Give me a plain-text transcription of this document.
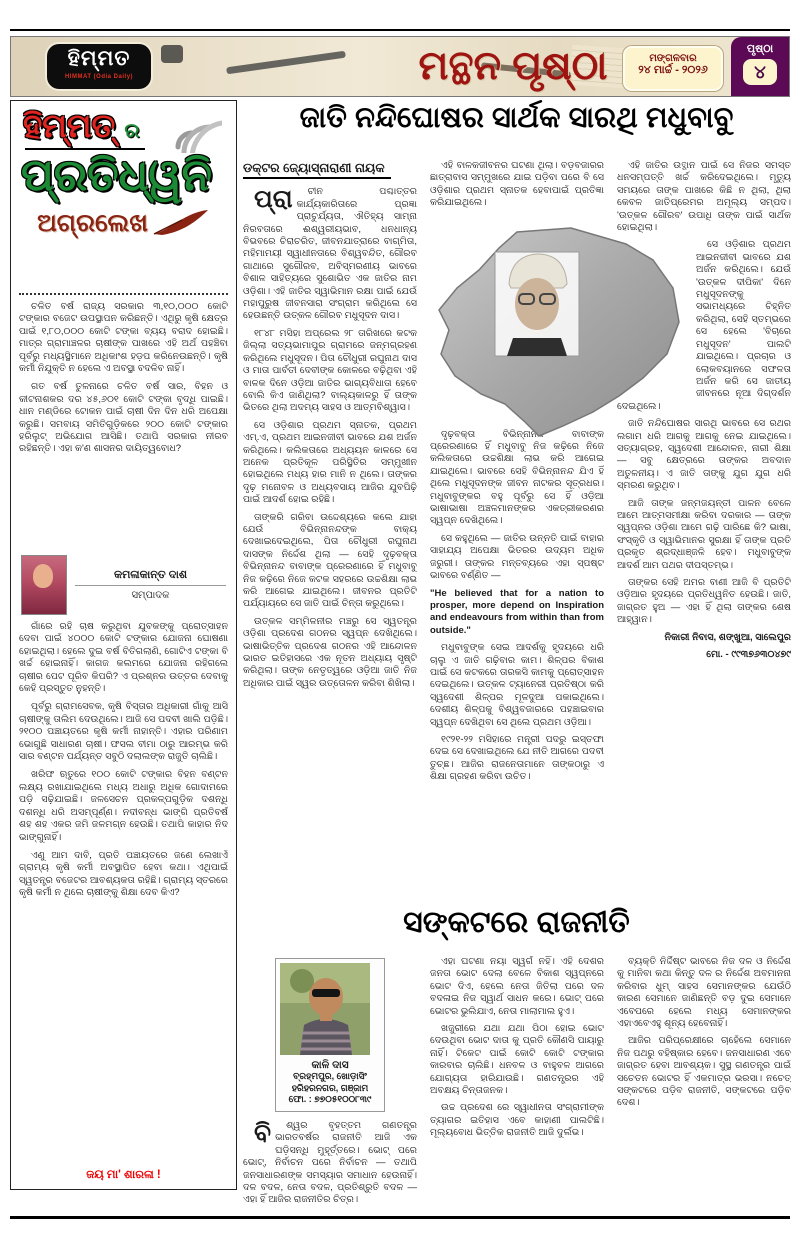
ହିମ୍ମତ
HIMMAT (Odia Daily)	ମନ୍ଥନ ପୃଷ୍ଠା	ମଙ୍ଗଳବାର
୨୪ ମାର୍ଚ୍ଚ - ୨୦୨୬
ପୃଷ୍ଠା
୪
ହିମ୍ମତ୍ ର
ପ୍ରତିଧ୍ୱନି
ଅଗ୍ରଲେଖ

ଚଳିତ ବର୍ଷ ରାଜ୍ୟ ସରକାର ୩,୧୦,୦୦୦ କୋଟି ଟଙ୍କାର ବଜେଟ ଉପସ୍ଥାପନ କରିଛନ୍ତି। ଏଥିରୁ କୃଷି କ୍ଷେତ୍ର ପାଇଁ ୧,୮୦,୦୦୦ କୋଟି ଟଙ୍କା ବ୍ୟୟ ବରାଦ ହୋଇଛି। ମାତ୍ର ଗ୍ରାମାଞ୍ଚଳର ଚାଷୀଙ୍କ ପାଖରେ ଏହି ଅର୍ଥ ପହଞ୍ଚିବା ପୂର୍ବରୁ ମଧ୍ୟସ୍ଥିମାନେ ଅଧିକାଂଶ ହଡ଼ପ କରିନେଉଛନ୍ତି। କୃଷି କର୍ମୀ ନିଯୁକ୍ତି ନ ହେଲେ ଏ ଅବସ୍ଥା ବଦଳିବ ନାହିଁ।

ଗତ ବର୍ଷ ତୁଳନାରେ ଚଳିତ ବର୍ଷ ସାର, ବିହନ ଓ କୀଟନାଶକର ଦର ୪୫,୬୦୧ କୋଟି ଟଙ୍କା ବୃଦ୍ଧି ପାଇଛି। ଧାନ ମଣ୍ଡିରେ ଟୋକନ ପାଇଁ ଚାଷୀ ଦିନ ଦିନ ଧରି ଅପେକ୍ଷା କରୁଛି। ସମବାୟ ସମିତିଗୁଡ଼ିକରେ ୨୦୦ କୋଟି ଟଙ୍କାର ହରିଲୁଟ୍ ଅଭିଯୋଗ ଆସିଛି। ତଥାପି ସରକାର ନୀରବ ରହିଛନ୍ତି। ଏହା କ'ଣ ଶାସନର ଦାୟିତ୍ୱବୋଧ?

କମଳାକାନ୍ତ ଦାଶ
ସମ୍ପାଦକ

ଗାଁରେ ରହି ଚାଷ କରୁଥିବା ଯୁବକଙ୍କୁ ପ୍ରୋତ୍ସାହନ ଦେବା ପାଇଁ ୪୦୦୦ କୋଟି ଟଙ୍କାର ଯୋଜନା ଘୋଷଣା ହୋଇଥିଲା। ହେଲେ ଦୁଇ ବର୍ଷ ବିତିଗଲାଣି, ଗୋଟିଏ ଟଙ୍କା ବି ଖର୍ଚ୍ଚ ହୋଇନାହିଁ। କାଗଜ କଲମରେ ଯୋଜନା ରହିଗଲେ ଚାଷୀର ପେଟ ପୂରିବ କିପରି? ଏ ପ୍ରଶ୍ନର ଉତ୍ତର ଦେବାକୁ କେହି ପ୍ରସ୍ତୁତ ନୁହନ୍ତି।

ପୂର୍ବରୁ ଗ୍ରାମସେବକ, କୃଷି ବିସ୍ତାର ଅଧିକାରୀ ଗାଁକୁ ଆସି ଚାଷୀଙ୍କୁ ତାଲିମ ଦେଉଥିଲେ। ଆଜି ସେ ପଦବୀ ଖାଲି ପଡ଼ିଛି। ୨୧୦୦ ପଞ୍ଚାୟତରେ କୃଷି କର୍ମୀ ନାହାନ୍ତି। ଏହାର ପରିଣାମ ଭୋଗୁଛି ସାଧାରଣ ଚାଷୀ। ଫସଲ ବୀମା ଠାରୁ ଆରମ୍ଭ କରି ସାର ବଣ୍ଟନ ପର୍ଯ୍ୟନ୍ତ ସବୁଠି ଦଲାଲଙ୍କ ରାଜୁତି ଚାଲିଛି।

ଖରିଫ ଋତୁରେ ୧୦୦ କୋଟି ଟଙ୍କାର ବିହନ ବଣ୍ଟନ ଲକ୍ଷ୍ୟ ରଖାଯାଇଥିଲେ ମଧ୍ୟ ଅଧାରୁ ଅଧିକ ଗୋଦାମରେ ପଡ଼ି ସଢ଼ିଯାଇଛି। ଜଳସେଚନ ପ୍ରକଳ୍ପଗୁଡ଼ିକ ଦଶନ୍ଧି ଦଶନ୍ଧି ଧରି ଅସମ୍ପୂର୍ଣ୍ଣ। ନଦୀବନ୍ଧ ଭାଙ୍ଗି ପ୍ରତିବର୍ଷ ଶହ ଶହ ଏକର ଜମି ଜଳମଗ୍ନ ହେଉଛି। ତଥାପି କାହାର ନିଦ ଭାଙ୍ଗୁନାହିଁ।

ଏଣୁ ଆମ ଦାବି, ପ୍ରତି ପଞ୍ଚାୟତରେ ଜଣେ ଲେଖାଏଁ ଗ୍ରାମ୍ୟ କୃଷି କର୍ମୀ ଅବସ୍ଥାପିତ ହେବା କଥା। ଏଥିପାଇଁ ସ୍ୱତନ୍ତ୍ର ବଜେଟର ଆବଶ୍ୟକତା ରହିଛି। ଗ୍ରାମ୍ୟ ସ୍ତରରେ କୃଷି କର୍ମୀ ନ ଥିଲେ ଚାଷୀଙ୍କୁ ଶିକ୍ଷା ଦେବ କିଏ?

ଜୟ ମା' ଶାରଳା !
ଜାତି ନନ୍ଦିଘୋଷର ସାର୍ଥକ ସାରଥି ମଧୁବାବୁ
ଡକ୍ଟର ଜ୍ୟୋସ୍ନାରାଣୀ ନାୟକ

ପ୍ରା	ଚୀନ ପଶ୍ଚାତ୍ତର କାର୍ଯ୍ୟକାରିତାରେ ପ୍ରଜ୍ଞା ପ୍ରାଚୁର୍ଯ୍ୟତା, ଐତିହ୍ୟ ସାମ୍ନା ନିରବତାରେ ଈଶ୍ୱରୀୟଭାବ, ଧନଧାନ୍ୟ ବିଭବରେ ଚିରାଚରିତ, ଜୀବନଯାତ୍ରାରେ ବାଗ୍ମିତା, ମହିମାମୟୀ ସ୍ୱାଧୀନତାରେ ବିଶ୍ୱବନ୍ଦିତ, ଗୌରବ ଗାଥାରେ ସୁଗୌରବ, ଅବିସ୍ମରଣୀୟ ଭାବରେ ବିଶାଳ ସାହିତ୍ୟରେ ସୁଶୋଭିତ ଏକ ଜାତିର ନାମ ଓଡ଼ିଶା। ଏହି ଜାତିର ସ୍ୱାଭିମାନ ରକ୍ଷା ପାଇଁ ଯେଉଁ ମହାପୁରୁଷ ଜୀବନସାରା ସଂଗ୍ରାମ କରିଥିଲେ ସେ ହେଉଛନ୍ତି ଉତ୍କଳ ଗୌରବ ମଧୁସୂଦନ ଦାସ।

୧୮୪୮ ମସିହା ଅପ୍ରେଲ ୨୮ ତାରିଖରେ କଟକ ଜିଲ୍ଲା ସତ୍ୟଭାମାପୁର ଗ୍ରାମରେ ଜନ୍ମଗ୍ରହଣ କରିଥିଲେ ମଧୁସୂଦନ। ପିତା ଚୌଧୁରୀ ରଘୁନାଥ ଦାସ ଓ ମାତା ପାର୍ବତୀ ଦେବୀଙ୍କ କୋଳରେ ବଢ଼ିଥିବା ଏହି ବାଳକ ଦିନେ ଓଡ଼ିଆ ଜାତିର ଭାଗ୍ୟବିଧାତା ହେବେ ବୋଲି କିଏ ଜାଣିଥିଲା? ବାଲ୍ୟକାଳରୁ ହିଁ ତାଙ୍କ ଭିତରେ ଥିଲା ଅଦମ୍ୟ ସାହସ ଓ ଆତ୍ମବିଶ୍ୱାସ।

ସେ ଓଡ଼ିଶାର ପ୍ରଥମ ସ୍ନାତକ, ପ୍ରଥମ ଏମ୍.ଏ, ପ୍ରଥମ ଆଇନଜୀବୀ ଭାବରେ ଯଶ ଅର୍ଜନ କରିଥିଲେ। କଲିକତାରେ ଅଧ୍ୟୟନ କାଳରେ ସେ ଅନେକ ପ୍ରତିକୂଳ ପରିସ୍ଥିତିର ସମ୍ମୁଖୀନ ହୋଇଥିଲେ ମଧ୍ୟ ହାର ମାନି ନ ଥିଲେ। ତାଙ୍କର ଦୃଢ଼ ମନୋବଳ ଓ ଅଧ୍ୟବସାୟ ଆଜିର ଯୁବପିଢ଼ି ପାଇଁ ଆଦର୍ଶ ହୋଇ ରହିଛି।

ତାଙ୍କରି ଗରିବା ଉଦ୍ଦେଶ୍ୟରେ କଲେ ଯାହା ଯେଉଁ ବିଭିନ୍ନାନନ୍ଦଙ୍କ ବାକ୍ୟ ଦେଖାଇଦେଇଥିଲେ, ପିତା ଚୌଧୁରୀ ରଘୁନାଥ ଦାସଙ୍କ ନିର୍ଦ୍ଦେଶ ଥିଲା — ସେହି ଦୃଢ଼ବକ୍ତା ବିଭିନ୍ନାନନ୍ଦ ବାବାଙ୍କ ପ୍ରେରଣାରେ ହିଁ ମଧୁବାବୁ ନିଜ କଢ଼ିରେ ନିଜେ କଟକ ସହରରେ ଉଚ୍ଚଶିକ୍ଷା ଲାଭ କରି ଆଗେଇ ଯାଇଥିଲେ। ଜୀବନର ପ୍ରତିଟି ପର୍ଯ୍ୟାୟରେ ସେ ଜାତି ପାଇଁ ଚିନ୍ତା କରୁଥିଲେ।

ଉତ୍କଳ ସମ୍ମିଳନୀର ମଞ୍ଚରୁ ସେ ସ୍ୱତନ୍ତ୍ର ଓଡ଼ିଶା ପ୍ରଦେଶ ଗଠନର ସ୍ୱପ୍ନ ଦେଖିଥିଲେ। ଭାଷାଭିତ୍ତିକ ପ୍ରଦେଶ ଗଠନର ଏହି ଆନ୍ଦୋଳନ ଭାରତ ଇତିହାସରେ ଏକ ନୂତନ ଅଧ୍ୟାୟ ସୃଷ୍ଟି କରିଥିଲା। ତାଙ୍କ ନେତୃତ୍ୱରେ ଓଡ଼ିଆ ଜାତି ନିଜ ଅଧିକାର ପାଇଁ ସ୍ୱର ଉତ୍ତୋଳନ କରିବା ଶିଖିଲା।

ଏହି ବାଳକଜୀବନର ଘଟଣା ଥିଲା। ବଡ଼ବଜାରର ଛାତ୍ରାବାସ ସମ୍ମୁଖରେ ଯାଇ ପଡ଼ିବା ପରେ ବି ସେ ଓଡ଼ିଶାର ପ୍ରଥମ ସ୍ନାତକ ହେବାପାଇଁ ପ୍ରତିଜ୍ଞା କରିଯାଇଥିଲେ।

ଦୃଢ଼ବକ୍ତା ବିଭିନ୍ନାନନ୍ଦ ବାବାଙ୍କ ପ୍ରେରଣାରେ ହିଁ ମଧୁବାବୁ ନିଜ କଢ଼ିରେ ନିଜେ କଲିକତାରେ ଉଚ୍ଚଶିକ୍ଷା ଲାଭ କରି ଆଗେଇ ଯାଇଥିଲେ। ଭାବରେ ସେହି ବିଭିନ୍ନାନନ୍ଦ ଯିଏ ହିଁ ଥିଲେ ମଧୁସୂଦନଙ୍କ ଜୀବନ ନାଟକର ସୂତ୍ରଧର। ମଧୁବାବୁଙ୍କର ବହୁ ପୂର୍ବରୁ ସେ ହିଁ ଓଡ଼ିଆ ଭାଷାଭାଷା ଅଞ୍ଚଳମାନଙ୍କର ଏକତ୍ରୀକରଣର ସ୍ୱପ୍ନ ଦେଖିଥିଲେ।

ସେ କହୁଥିଲେ — ଜାତିର ଉନ୍ନତି ପାଇଁ ବାହାର ସାହାଯ୍ୟ ଅପେକ୍ଷା ଭିତରର ଉଦ୍ୟମ ଅଧିକ ଜରୁରୀ। ତାଙ୍କର ମନ୍ତବ୍ୟରେ ଏହା ସ୍ପଷ୍ଟ ଭାବରେ ବର୍ଣ୍ଣିତ —

"He believed that for a nation to prosper, more depend on Inspiration and endeavours from within than from outside."

ମଧୁବାବୁଙ୍କ ସେଇ ଆଦର୍ଶକୁ ହୃଦୟରେ ଧରି ଚାଲୁ ଏ ଜାତି ଗଢ଼ିବାର କାମ। ଶିଳ୍ପର ବିକାଶ ପାଇଁ ସେ କଟକରେ ତାରକସି କାମକୁ ପ୍ରୋତ୍ସାହନ ଦେଇଥିଲେ। ଉତ୍କଳ ଟ୍ୟାନେରୀ ପ୍ରତିଷ୍ଠା କରି ସ୍ୱଦେଶୀ ଶିଳ୍ପର ମୂଳଦୁଆ ପକାଇଥିଲେ। ଦେଶୀୟ ଶିଳ୍ପକୁ ବିଶ୍ୱବଜାରରେ ପହଞ୍ଚାଇବାର ସ୍ୱପ୍ନ ଦେଖିଥିବା ସେ ଥିଲେ ପ୍ରଥମ ଓଡ଼ିଆ।

୧୯୨୧-୨୨ ମସିହାରେ ମନ୍ତ୍ରୀ ପଦରୁ ଇସ୍ତଫା ଦେଇ ସେ ଦେଖାଇଥିଲେ ଯେ ନୀତି ଆଗରେ ପଦବୀ ତୁଚ୍ଛ। ଆଜିର ରାଜନେତାମାନେ ତାଙ୍କଠାରୁ ଏ ଶିକ୍ଷା ଗ୍ରହଣ କରିବା ଉଚିତ।

ଏହି ଜାତିର ଉତ୍ଥାନ ପାଇଁ ସେ ନିଜର ସମସ୍ତ ଧନସମ୍ପତ୍ତି ଖର୍ଚ୍ଚ କରିଦେଇଥିଲେ। ମୃତ୍ୟୁ ସମୟରେ ତାଙ୍କ ପାଖରେ କିଛି ନ ଥିଲା, ଥିଲା କେବଳ ଜାତିପ୍ରେମର ଅମୂଲ୍ୟ ସମ୍ପଦ। 'ଉତ୍କଳ ଗୌରବ' ଉପାଧି ତାଙ୍କ ପାଇଁ ସାର୍ଥକ ହୋଇଥିଲା।

ସେ ଓଡ଼ିଶାର ପ୍ରଥମ ଆଇନଜୀବୀ ଭାବରେ ଯଶ ଅର୍ଜନ କରିଥିଲେ। ଯେଉଁ 'ଉତ୍କଳ ଦୀପିକା' ଦିନେ ମଧୁସୂଦନଙ୍କୁ ସଭାମଧ୍ୟରେ ଚିହ୍ନିତ କରିଥିଲା, ସେହି ସ୍ତମ୍ଭରେ ସେ ହେଲେ 'ବିଚାରେ ମଧୁସୂଦନ' ପାଲଟି ଯାଇଥିଲେ। ପ୍ରଚାର ଓ ଲୋକବୟାନରେ ସଫଳତା ଅର୍ଜନ କରି ସେ ଜାତୀୟ ଜୀବନରେ ନୂଆ ଦିଗ୍‌ଦର୍ଶନ ଦେଇଥିଲେ।

ଜାତି ନନ୍ଦିଘୋଷର ସାରଥି ଭାବରେ ସେ ରଥର ଲଗାମ ଧରି ଆଗକୁ ଆଗକୁ ନେଇ ଯାଇଥିଲେ। ସତ୍ୟାଗ୍ରହ, ସ୍ୱଦେଶୀ ଆନ୍ଦୋଳନ, ନାରୀ ଶିକ୍ଷା — ସବୁ କ୍ଷେତ୍ରରେ ତାଙ୍କର ଅବଦାନ ଅତୁଳନୀୟ। ଏ ଜାତି ତାଙ୍କୁ ଯୁଗ ଯୁଗ ଧରି ସ୍ମରଣ କରୁଥିବ।

ଆଜି ତାଙ୍କ ଜନ୍ମଜୟନ୍ତୀ ପାଳନ ବେଳେ ଆମେ ଆତ୍ମସମୀକ୍ଷା କରିବା ଦରକାର — ତାଙ୍କ ସ୍ୱପ୍ନର ଓଡ଼ିଶା ଆମେ ଗଢ଼ି ପାରିଛେ କି? ଭାଷା, ସଂସ୍କୃତି ଓ ସ୍ୱାଭିମାନର ସୁରକ୍ଷା ହିଁ ତାଙ୍କ ପ୍ରତି ପ୍ରକୃତ ଶ୍ରଦ୍ଧାଞ୍ଜଳି ହେବ। ମଧୁବାବୁଙ୍କ ଆଦର୍ଶ ଆମ ପଥର ଦୀପସ୍ତମ୍ଭ।

ତାଙ୍କର ସେହି ଅମର ବାଣୀ ଆଜି ବି ପ୍ରତିଟି ଓଡ଼ିଆର ହୃଦୟରେ ପ୍ରତିଧ୍ୱନିତ ହେଉଛି। ଜାତି, ଜାଗ୍ରତ ହୁଅ — ଏହା ହିଁ ଥିଲା ତାଙ୍କର ଶେଷ ଆହ୍ୱାନ।

ନିକାରୀ ନିବାସ, ଶଙ୍ଖୁଆ, ସାଲେପୁର

ମୋ. - ୯୯୩୭୬୩୦୪୭୯

ସଙ୍କଟରେ ରାଜନୀତି
କାଳି ଦାସ
ବ୍ରହ୍ମପୁର, ଖୋଡ଼ାସିଂ
ହରିହରନଗର, ଗଞ୍ଜାମ
ଫୋ. : ୭୭୦୫୧୦୦୮୩୯

ବି	ଶ୍ୱର ବୃହତ୍ତମ ଗଣତନ୍ତ୍ର ଭାରତବର୍ଷର ରାଜନୀତି ଆଜି ଏକ ଘଡ଼ିସନ୍ଧି ମୁହୂର୍ତ୍ତରେ। ଭୋଟ୍ ପରେ ଭୋଟ୍, ନିର୍ବାଚନ ପରେ ନିର୍ବାଚନ — ତଥାପି ଜନସାଧାରଣଙ୍କ ସମସ୍ୟାର ସମାଧାନ ହେଉନାହିଁ। ଦଳ ବଦଳ, ନେତା ବଦଳ, ପ୍ରତିଶ୍ରୁତି ବଦଳ — ଏହା ହିଁ ଆଜିର ରାଜନୀତିର ଚିତ୍ର।

ଏହା ଘଟଣା ନୟା ସ୍ୱର୍ଗ ନହିଁ। ଏହି ଦେଶର ଜନତା ଭୋଟ ଦେଲା ବେଳେ ବିକାଶ ସ୍ୱପ୍ନରେ ଭୋଟ ଦିଏ, ହେଲେ ନେତା ଜିତିଲା ପରେ ଦଳ ବଦଳାଇ ନିଜ ସ୍ୱାର୍ଥ ସାଧନ କରେ। ଭୋଟ୍ ପରେ ଭୋଟର ଭୁଲିଯାଏ, ନେତା ମାଲାମାଲ ହୁଏ।

ଖଜୁରୀରେ ଯଥା ଯଥା ପିଠା ହୋଇ ଭୋଟ ଦେଉଥିବା ଭୋଟ ଦାତା କୁ ପ୍ରତି କୌଣସି ପାୟାରୁ ନାହିଁ। ଟିକେଟ ପାଇଁ କୋଟି କୋଟି ଟଙ୍କାର କାରବାର ଚାଲିଛି। ଧନବଳ ଓ ବାହୁବଳ ଆଗରେ ଯୋଗ୍ୟତା ହାରିଯାଉଛି। ଗଣତନ୍ତ୍ରର ଏହି ଅବକ୍ଷୟ ଚିନ୍ତାଜନକ।

ଉଚ୍ଚ ପ୍ରଦେଶ ରେ ସ୍ୱାଧୀନତା ସଂଗ୍ରାମୀଙ୍କ ତ୍ୟାଗର ଇତିହାସ ଏବେ କାହାଣୀ ପାଲଟିଛି। ମୂଲ୍ୟବୋଧ ଭିତ୍ତିକ ରାଜନୀତି ଆଜି ଦୁର୍ଲଭ।

ବ୍ୟକ୍ତି ନିର୍ଦ୍ଦିଷ୍ଟ ଭାବରେ ନିଜ ଦଳ ଓ ନିର୍ଦ୍ଦେଶ କୁ ମାନିବା କଥା କିନ୍ତୁ ଦଳ ର ନିର୍ଦ୍ଦେଶ ଅବମାନନା କରିବାର ଧୁମ୍ ସାହସ ସେମାନଙ୍କର ଯେଉଁଠି କାରଣ ସେମାନେ ଜାଣିଛନ୍ତି ବଡ଼ ଦୁଇ ସେମାନେ ଏବେପରେ ହେଲେ ମଧ୍ୟ ସେମାନଙ୍କର ଏହାଏବେଏହୁ ଶୂନ୍ୟ ହେବେନାହିଁ।

ଆଜିର ପରିପ୍ରେକ୍ଷୀରେ ଚାହେଁଲେ ସେମାନେ ନିଜ ପଥରୁ ବହିଷ୍କାର ହେବେ। ଜନସାଧାରଣ ଏବେ ଜାଗ୍ରତ ହେବା ଆବଶ୍ୟକ। ସୁସ୍ଥ ଗଣତନ୍ତ୍ର ପାଇଁ ସଚେତନ ଭୋଟର ହିଁ ଏକମାତ୍ର ଭରସା। ନଚେତ୍ ସଙ୍କଟରେ ପଡ଼ିବ ରାଜନୀତି, ସଙ୍କଟରେ ପଡ଼ିବ ଦେଶ।
